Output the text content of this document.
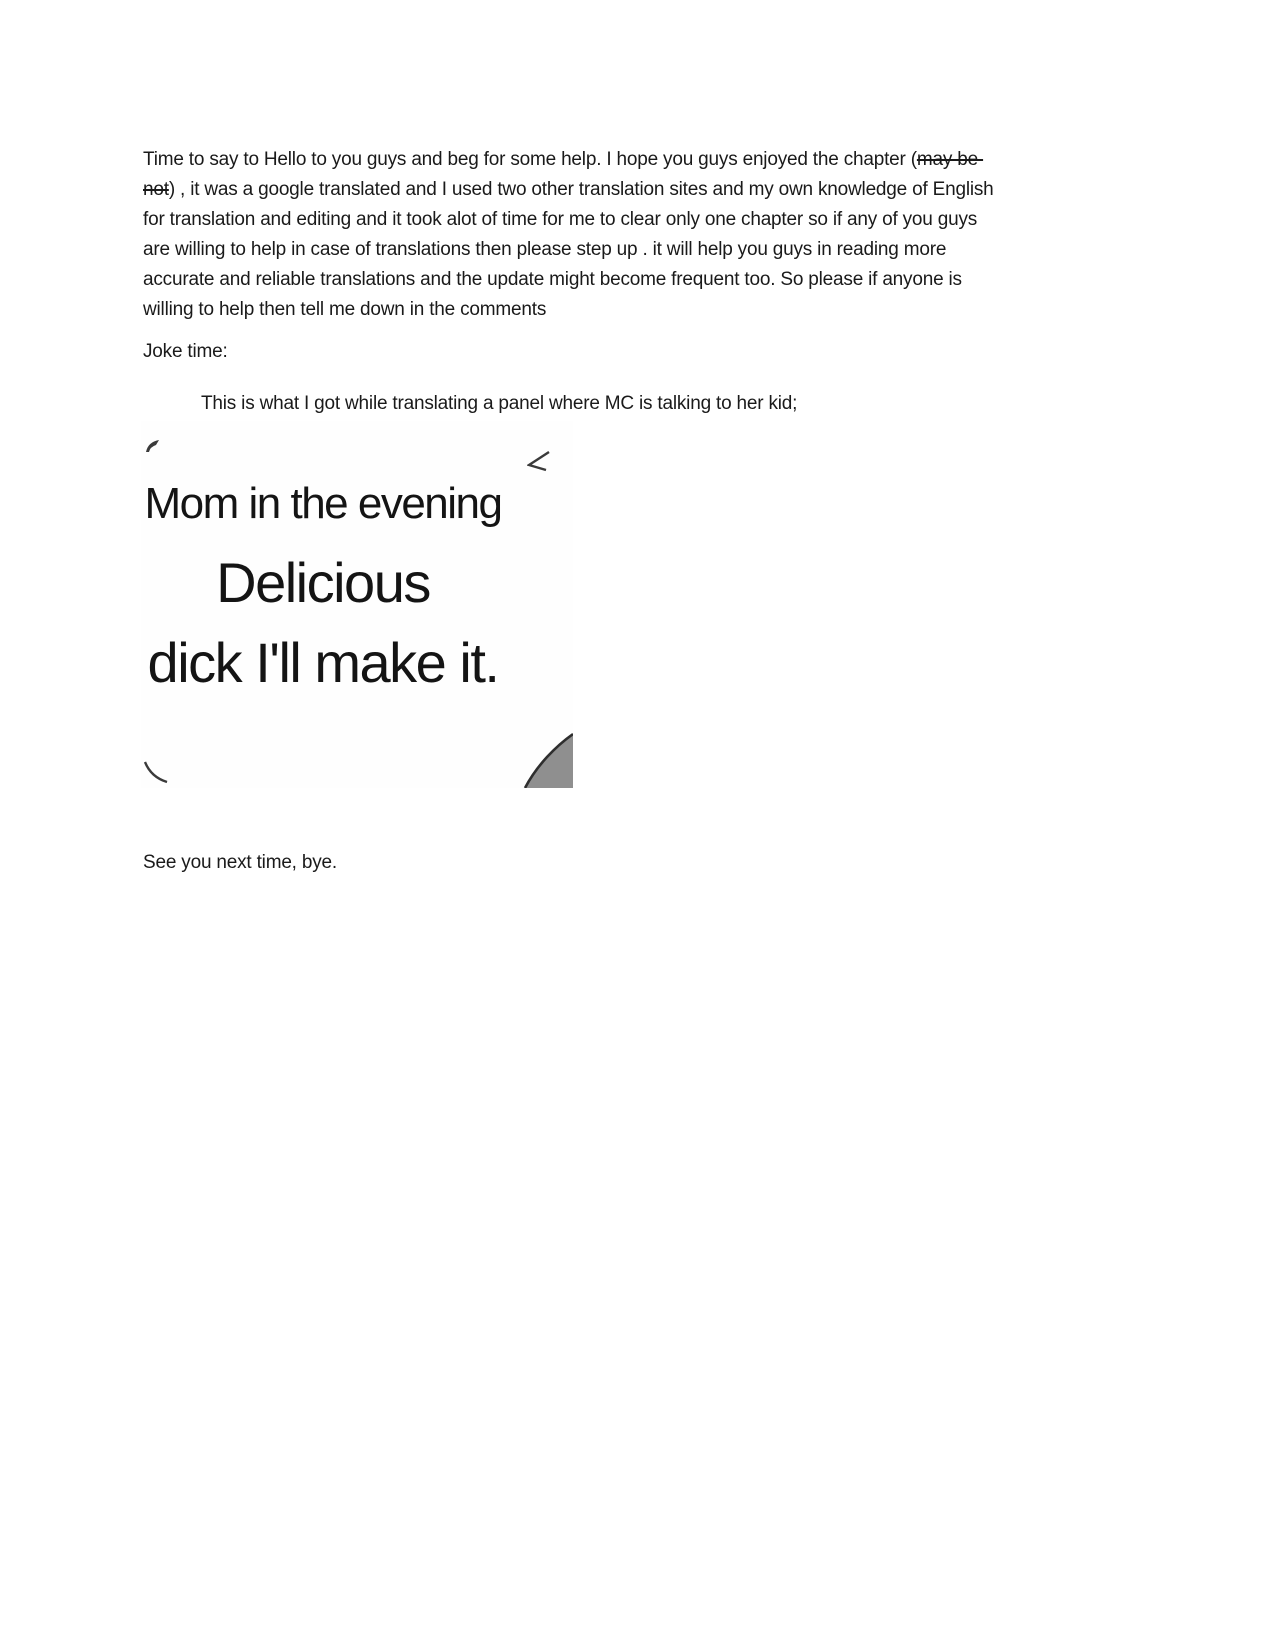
Time to say to Hello to you guys and beg for some help. I hope you guys enjoyed the chapter (may be
not) , it was a google translated and I used two other translation sites and my own knowledge of English
for translation and editing and it took alot of time for me to clear only one chapter so if any of you guys
are willing to help in case of translations then please step up . it will help you guys in reading more
accurate and reliable translations and the update might become frequent too. So please if anyone is
willing to help then tell me down in the comments
Joke time:
This is what I got while translating a panel where MC is talking to her kid;
Mom in the evening
Delicious
dick I'll make it.
See you next time, bye.
